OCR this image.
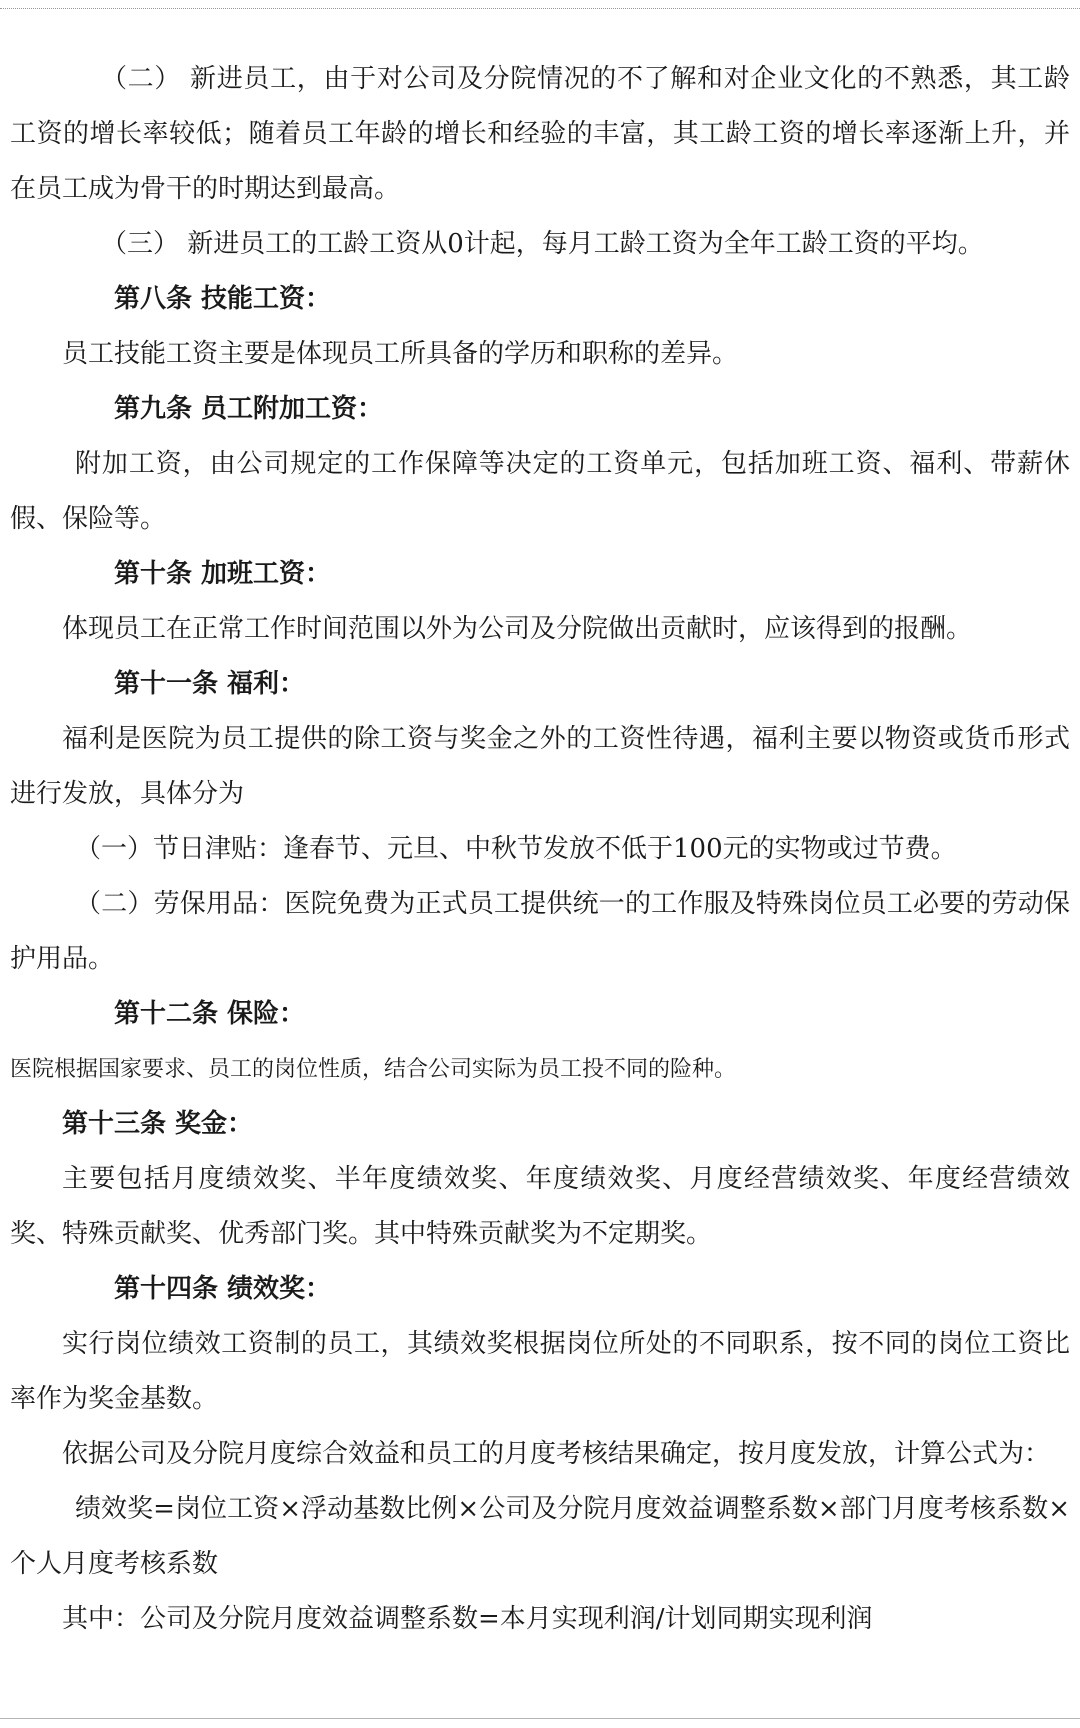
（二） 新进员工，由于对公司及分院情况的不了解和对企业文化的不熟悉，其工龄工资的增长率较低；随着员工年龄的增长和经验的丰富，其工龄工资的增长率逐渐上升，并在员工成为骨干的时期达到最高。

（三） 新进员工的工龄工资从0计起，每月工龄工资为全年工龄工资的平均。

第八条 技能工资：

员工技能工资主要是体现员工所具备的学历和职称的差异。

第九条 员工附加工资：

附加工资，由公司规定的工作保障等决定的工资单元，包括加班工资、福利、带薪休假、保险等。

第十条 加班工资：

体现员工在正常工作时间范围以外为公司及分院做出贡献时，应该得到的报酬。

第十一条 福利：

福利是医院为员工提供的除工资与奖金之外的工资性待遇，福利主要以物资或货币形式进行发放，具体分为

（一）节日津贴：逢春节、元旦、中秋节发放不低于100元的实物或过节费。

（二）劳保用品：医院免费为正式员工提供统一的工作服及特殊岗位员工必要的劳动保护用品。

第十二条 保险：

医院根据国家要求、员工的岗位性质，结合公司实际为员工投不同的险种。

第十三条 奖金：

主要包括月度绩效奖、半年度绩效奖、年度绩效奖、月度经营绩效奖、年度经营绩效奖、特殊贡献奖、优秀部门奖。其中特殊贡献奖为不定期奖。

第十四条 绩效奖：

实行岗位绩效工资制的员工，其绩效奖根据岗位所处的不同职系，按不同的岗位工资比率作为奖金基数。

依据公司及分院月度综合效益和员工的月度考核结果确定，按月度发放，计算公式为：

绩效奖=岗位工资×浮动基数比例×公司及分院月度效益调整系数×部门月度考核系数×个人月度考核系数

其中：公司及分院月度效益调整系数=本月实现利润/计划同期实现利润
